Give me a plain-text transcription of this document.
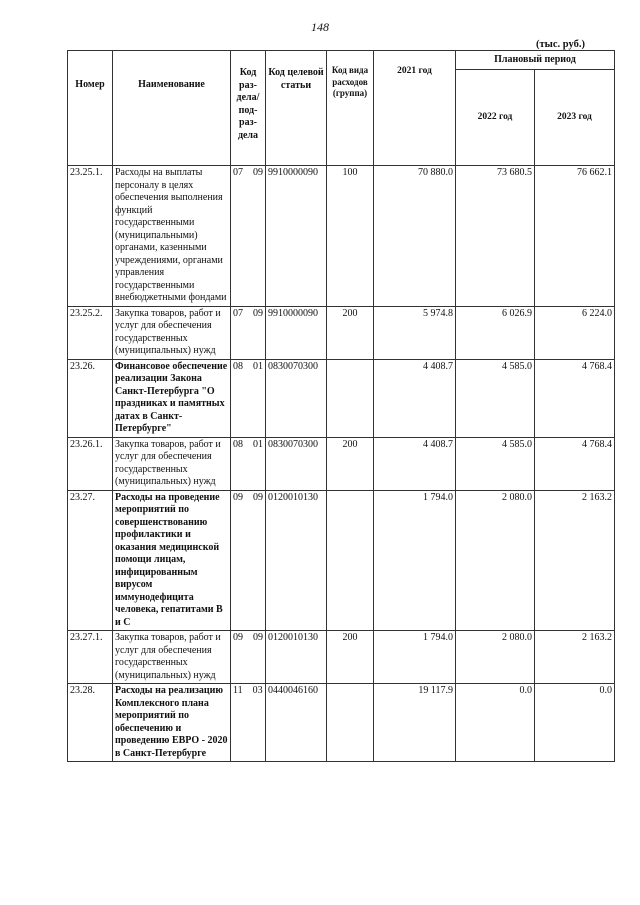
148
(тыс. руб.)
Номер	Наименование	Код раз-дела/ под-раз-дела	Код целевой статьи	Код вида расходов (группа)	2021 год	Плановый период	
						2022 год	2023 год
23.25.1.	Расходы на выплаты персоналу в целях обеспечения выполнения функций государственными (муниципальными) органами, казенными учреждениями, органами управления государственными внебюджетными фондами	07 09	9910000090	100	70 880.0	73 680.5	76 662.1
23.25.2.	Закупка товаров, работ и услуг для обеспечения государственных (муниципальных) нужд	07 09	9910000090	200	5 974.8	6 026.9	6 224.0
23.26.	Финансовое обеспечение реализации Закона Санкт-Петербурга "О праздниках и памятных датах в Санкт-Петербурге"	08 01	0830070300		4 408.7	4 585.0	4 768.4
23.26.1.	Закупка товаров, работ и услуг для обеспечения государственных (муниципальных) нужд	08 01	0830070300	200	4 408.7	4 585.0	4 768.4
23.27.	Расходы на проведение мероприятий по совершенствованию профилактики и оказания медицинской помощи лицам, инфицированным вирусом иммунодефицита человека, гепатитами В и С	09 09	0120010130		1 794.0	2 080.0	2 163.2
23.27.1.	Закупка товаров, работ и услуг для обеспечения государственных (муниципальных) нужд	09 09	0120010130	200	1 794.0	2 080.0	2 163.2
23.28.	Расходы на реализацию Комплексного плана мероприятий по обеспечению и проведению ЕВРО - 2020 в Санкт-Петербурге	11 03	0440046160		19 117.9	0.0	0.0
